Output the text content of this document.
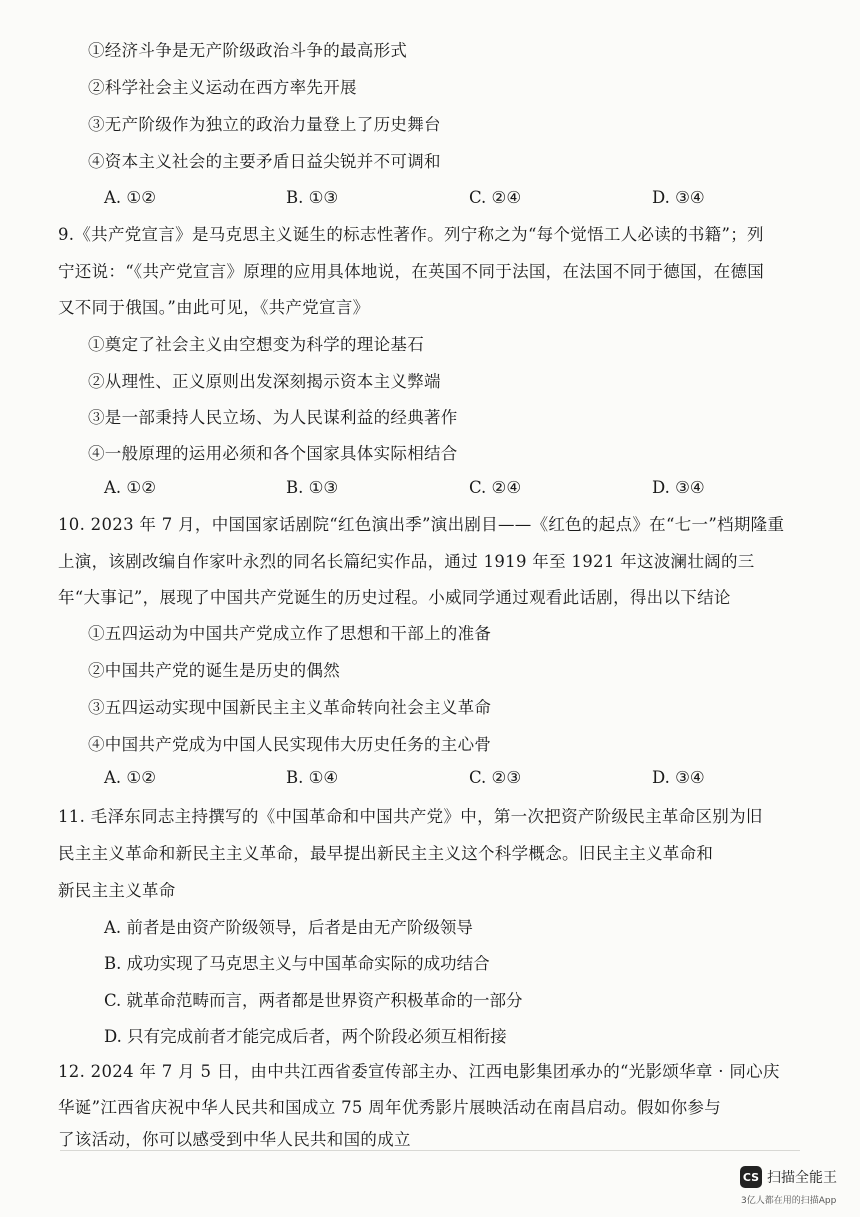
①经济斗争是无产阶级政治斗争的最高形式
②科学社会主义运动在西方率先开展
③无产阶级作为独立的政治力量登上了历史舞台
④资本主义社会的主要矛盾日益尖锐并不可调和
A. ①②	B. ①③	C. ②④	D. ③④
9.《共产党宣言》是马克思主义诞生的标志性著作。列宁称之为“每个觉悟工人必读的书籍”；列
宁还说：“《共产党宣言》原理的应用具体地说，在英国不同于法国，在法国不同于德国，在德国
又不同于俄国。”由此可见，《共产党宣言》
①奠定了社会主义由空想变为科学的理论基石
②从理性、正义原则出发深刻揭示资本主义弊端
③是一部秉持人民立场、为人民谋利益的经典著作
④一般原理的运用必须和各个国家具体实际相结合
A. ①②	B. ①③	C. ②④	D. ③④
10. 2023 年 7 月，中国国家话剧院“红色演出季”演出剧目——《红色的起点》在“七一”档期隆重
上演，该剧改编自作家叶永烈的同名长篇纪实作品，通过 1919 年至 1921 年这波澜壮阔的三
年“大事记”，展现了中国共产党诞生的历史过程。小威同学通过观看此话剧，得出以下结论
①五四运动为中国共产党成立作了思想和干部上的准备
②中国共产党的诞生是历史的偶然
③五四运动实现中国新民主主义革命转向社会主义革命
④中国共产党成为中国人民实现伟大历史任务的主心骨
A. ①②	B. ①④	C. ②③	D. ③④
11. 毛泽东同志主持撰写的《中国革命和中国共产党》中，第一次把资产阶级民主革命区别为旧
民主主义革命和新民主主义革命，最早提出新民主主义这个科学概念。旧民主主义革命和
新民主主义革命
A. 前者是由资产阶级领导，后者是由无产阶级领导
B. 成功实现了马克思主义与中国革命实际的成功结合
C. 就革命范畴而言，两者都是世界资产积极革命的一部分
D. 只有完成前者才能完成后者，两个阶段必须互相衔接
12. 2024 年 7 月 5 日，由中共江西省委宣传部主办、江西电影集团承办的“光影颂华章 · 同心庆
华诞”江西省庆祝中华人民共和国成立 75 周年优秀影片展映活动在南昌启动。假如你参与
了该活动，你可以感受到中华人民共和国的成立
CS 扫描全能王
3亿人都在用的扫描App
